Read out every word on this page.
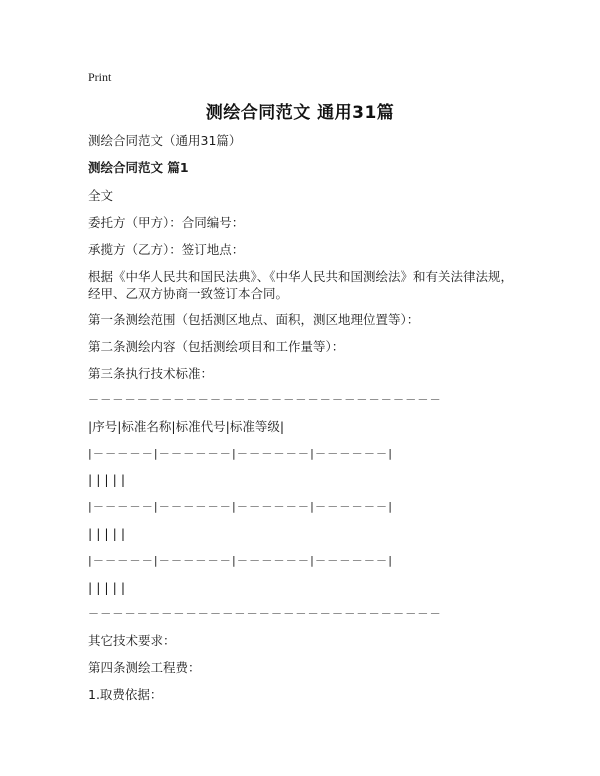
Print
测绘合同范文 通用31篇
测绘合同范文（通用31篇）
测绘合同范文 篇1
全文
委托方（甲方）：合同编号：
承揽方（乙方）：签订地点：
根据《中华人民共和国民法典》、《中华人民共和国测绘法》和有关法律法规，经甲、乙双方协商一致签订本合同。
第一条测绘范围（包括测区地点、面积，测区地理位置等）：
第二条测绘内容（包括测绘项目和工作量等）：
第三条执行技术标准：
－－－－－－－－－－－－－－－－－－－－－－－－－－－－－
|序号|标准名称|标准代号|标准等级|
|－－－－－|－－－－－－|－－－－－－|－－－－－－|
|||||
|－－－－－|－－－－－－|－－－－－－|－－－－－－|
|||||
|－－－－－|－－－－－－|－－－－－－|－－－－－－|
|||||
－－－－－－－－－－－－－－－－－－－－－－－－－－－－－
其它技术要求：
第四条测绘工程费：
1.取费依据：
